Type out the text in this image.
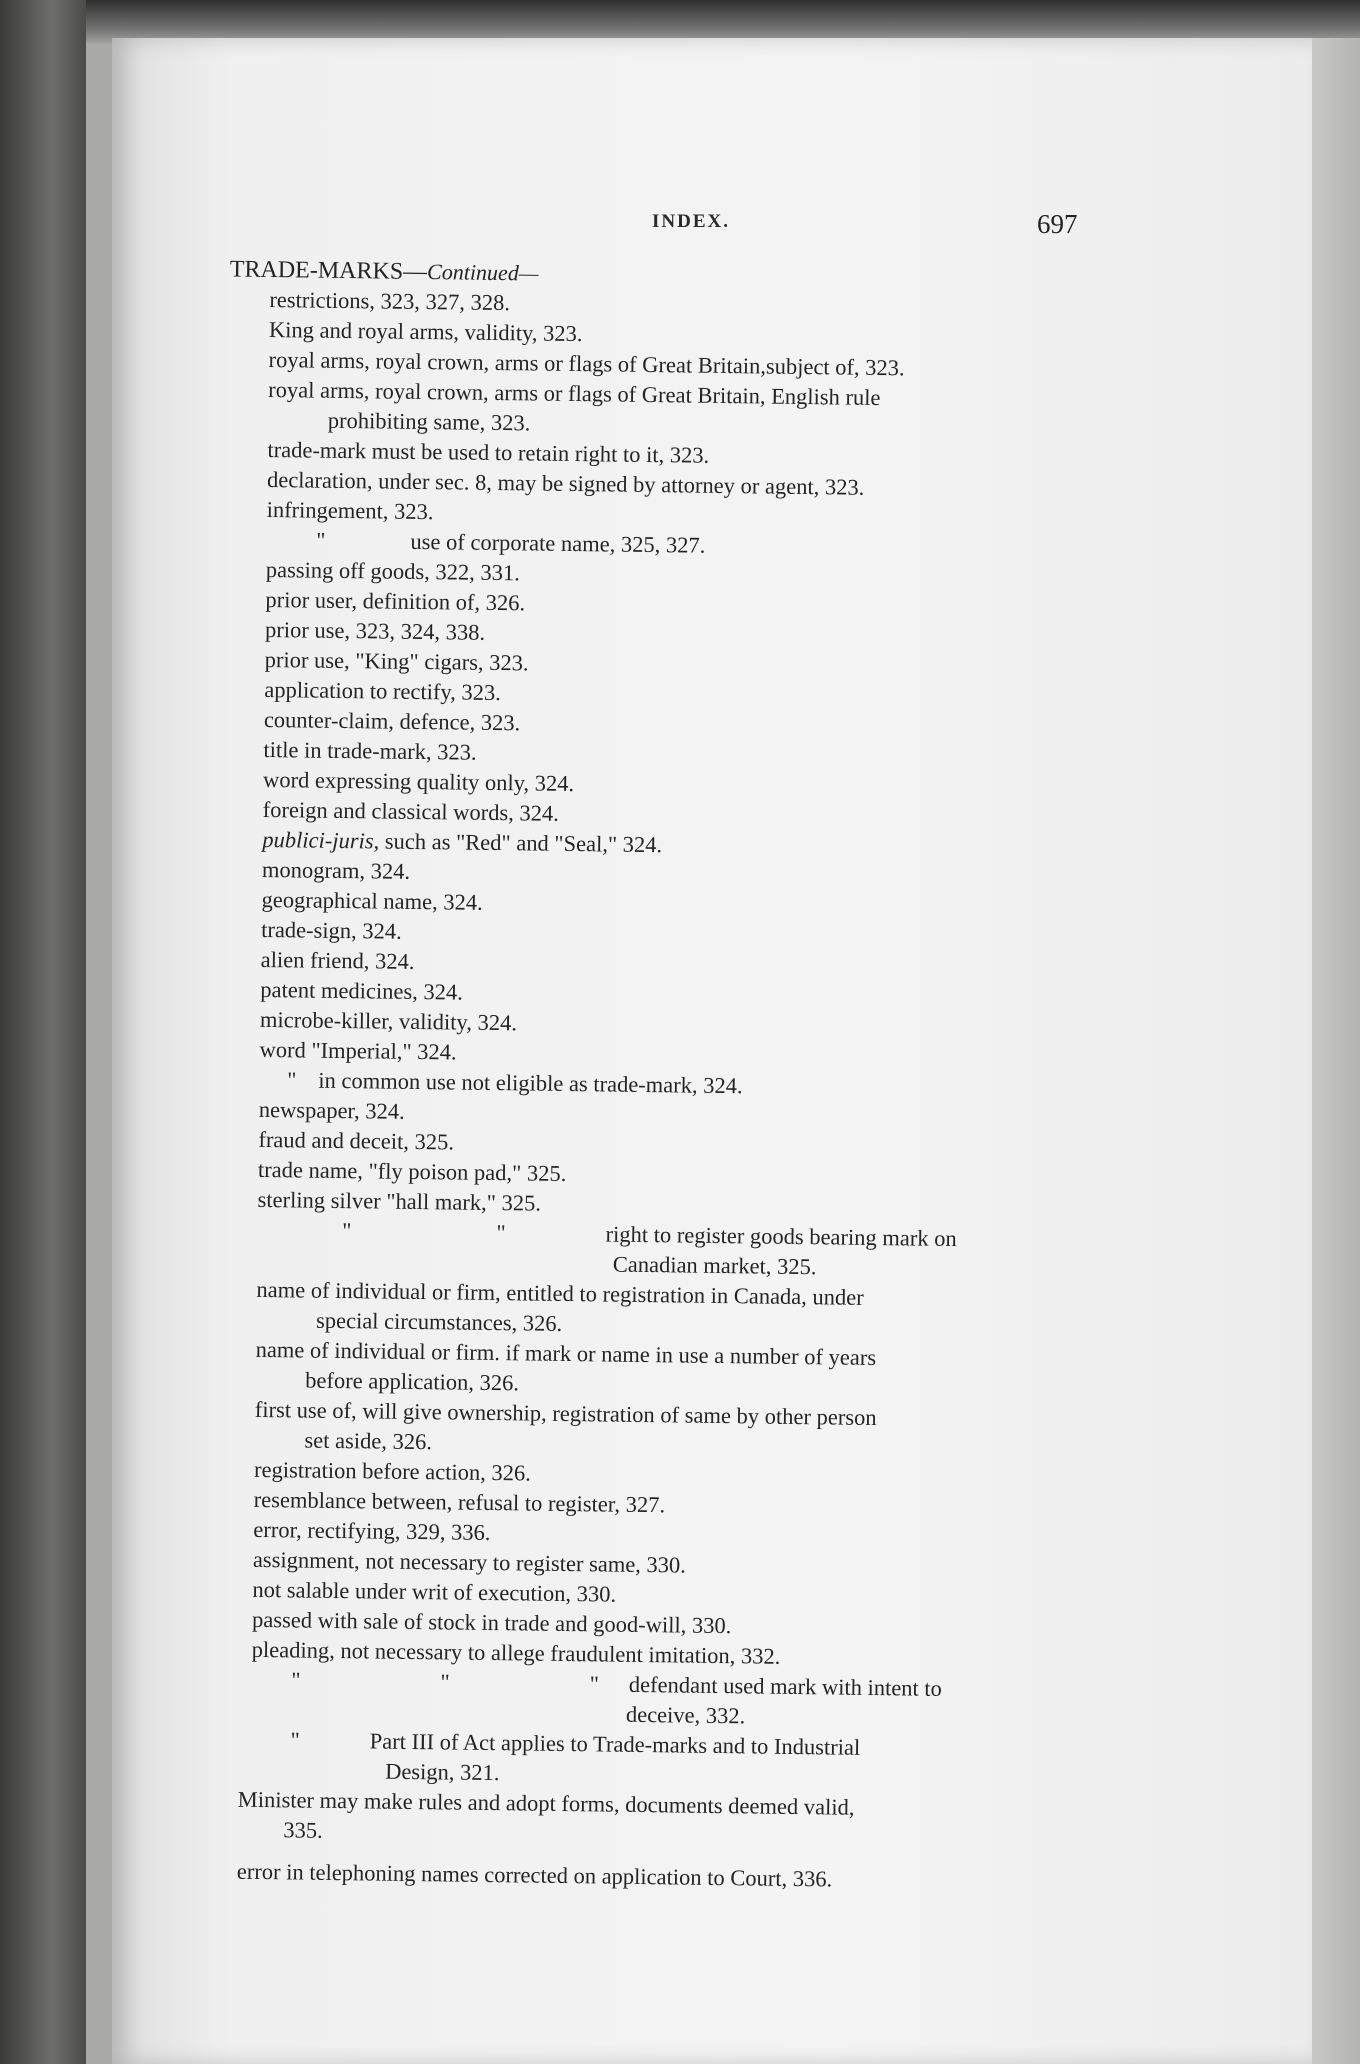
INDEX.	697
TRADE-MARKS—Continued—
restrictions, 323, 327, 328.
King and royal arms, validity, 323.
royal arms, royal crown, arms or flags of Great Britain,subject of, 323.
royal arms, royal crown, arms or flags of Great Britain, English rule
prohibiting same, 323.
trade-mark must be used to retain right to it, 323.
declaration, under sec. 8, may be signed by attorney or agent, 323.
infringement, 323.
"	use of corporate name, 325, 327.
passing off goods, 322, 331.
prior user, definition of, 326.
prior use, 323, 324, 338.
prior use, "King" cigars, 323.
application to rectify, 323.
counter-claim, defence, 323.
title in trade-mark, 323.
word expressing quality only, 324.
foreign and classical words, 324.
publici-juris, such as "Red" and "Seal," 324.
monogram, 324.
geographical name, 324.
trade-sign, 324.
alien friend, 324.
patent medicines, 324.
microbe-killer, validity, 324.
word "Imperial," 324.
" in common use not eligible as trade-mark, 324.
newspaper, 324.
fraud and deceit, 325.
trade name, "fly poison pad," 325.
sterling silver "hall mark," 325.
"	"	right to register goods bearing mark on
Canadian market, 325.
name of individual or firm, entitled to registration in Canada, under
special circumstances, 326.
name of individual or firm. if mark or name in use a number of years
before application, 326.
first use of, will give ownership, registration of same by other person
set aside, 326.
registration before action, 326.
resemblance between, refusal to register, 327.
error, rectifying, 329, 336.
assignment, not necessary to register same, 330.
not salable under writ of execution, 330.
passed with sale of stock in trade and good-will, 330.
pleading, not necessary to allege fraudulent imitation, 332.
"	"	" defendant used mark with intent to
deceive, 332.
"	Part III of Act applies to Trade-marks and to Industrial
Design, 321.
Minister may make rules and adopt forms, documents deemed valid,
335.
error in telephoning names corrected on application to Court, 336.
